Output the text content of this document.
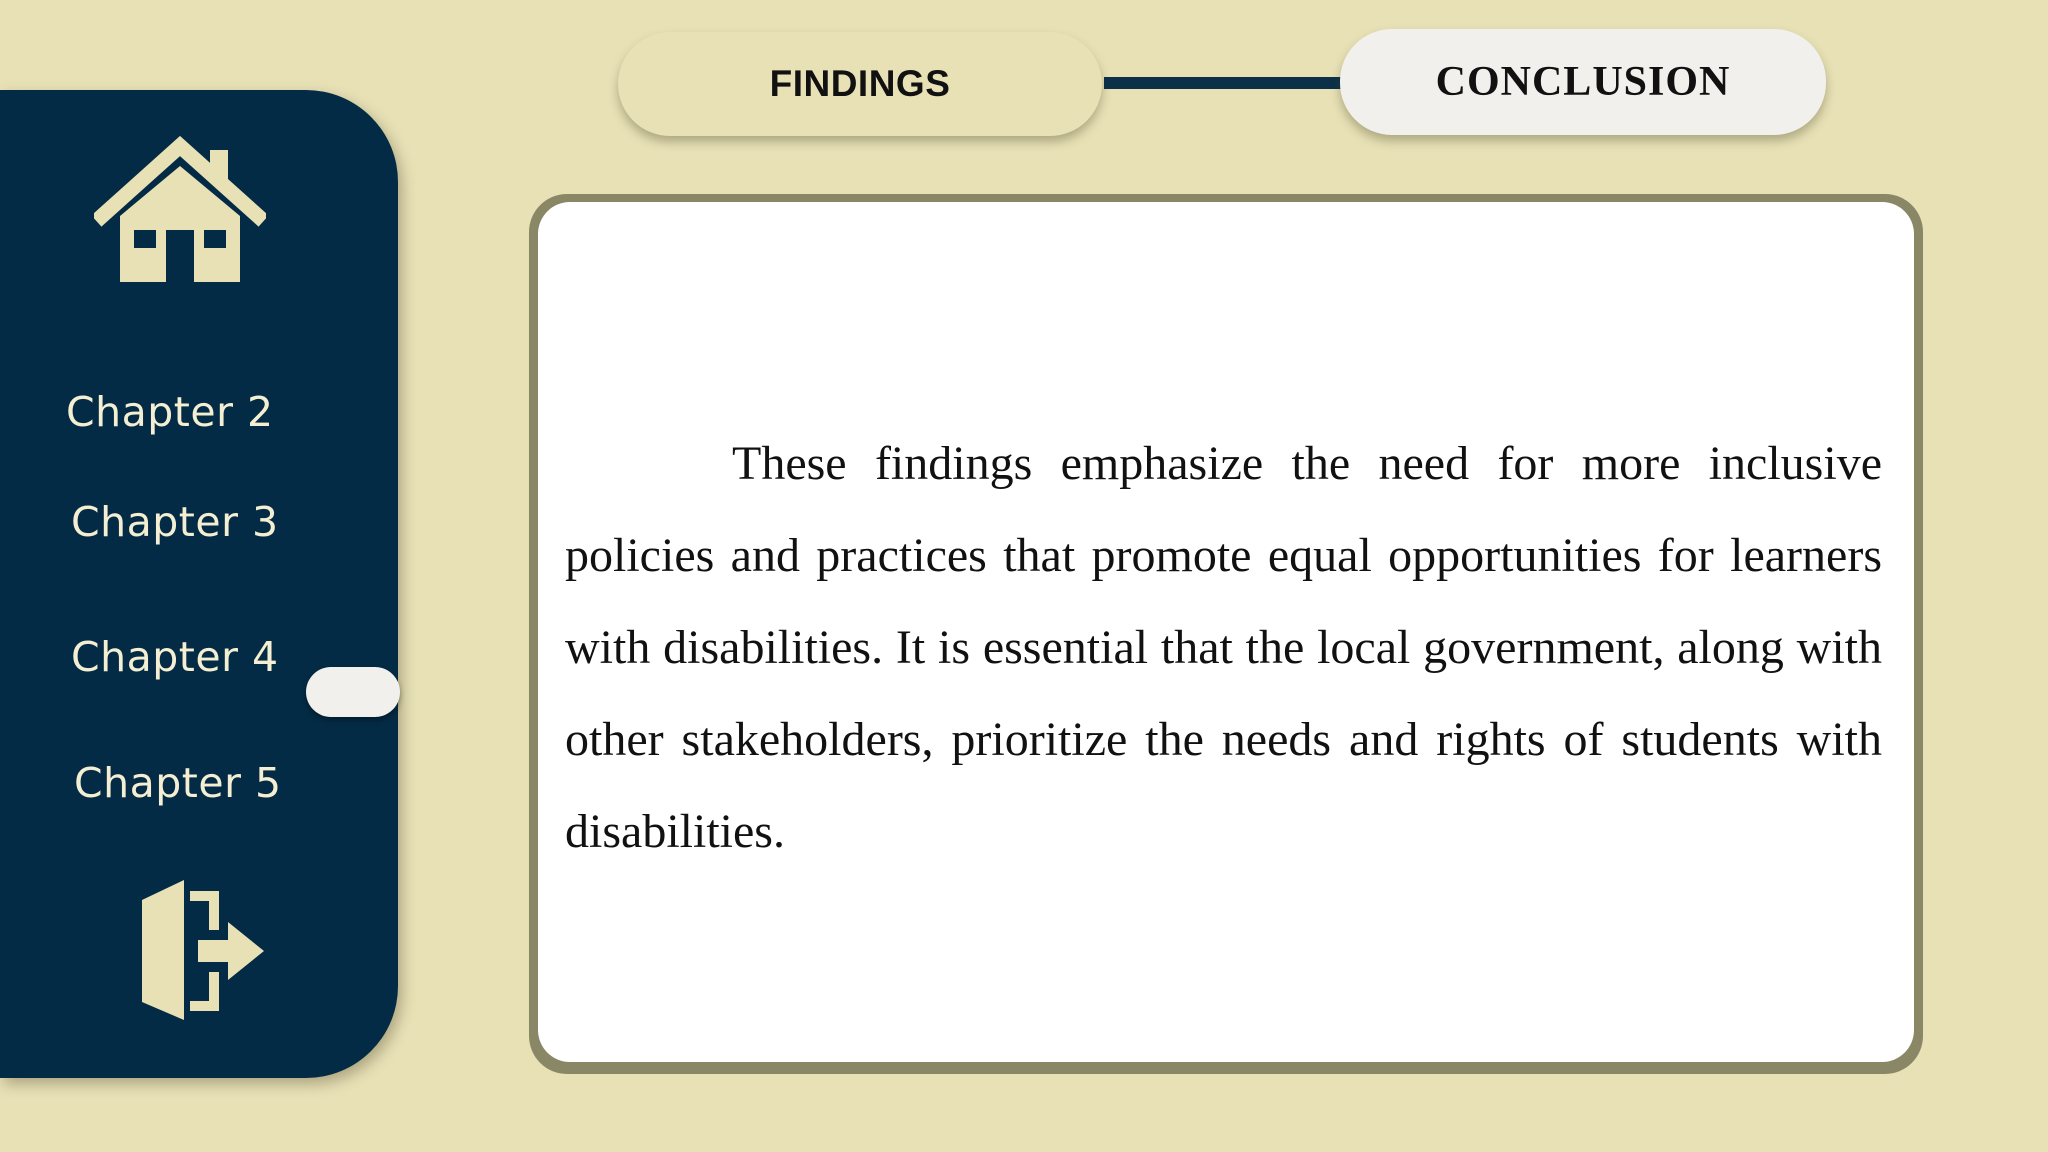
Chapter 2
Chapter 3
Chapter 4
Chapter 5
FINDINGS	CONCLUSION

These findings emphasize the need for more inclusive policies and practices that promote equal opportunities for learners with disabilities. It is essential that the local government, along with other stakeholders, prioritize the needs and rights of students with disabilities.
